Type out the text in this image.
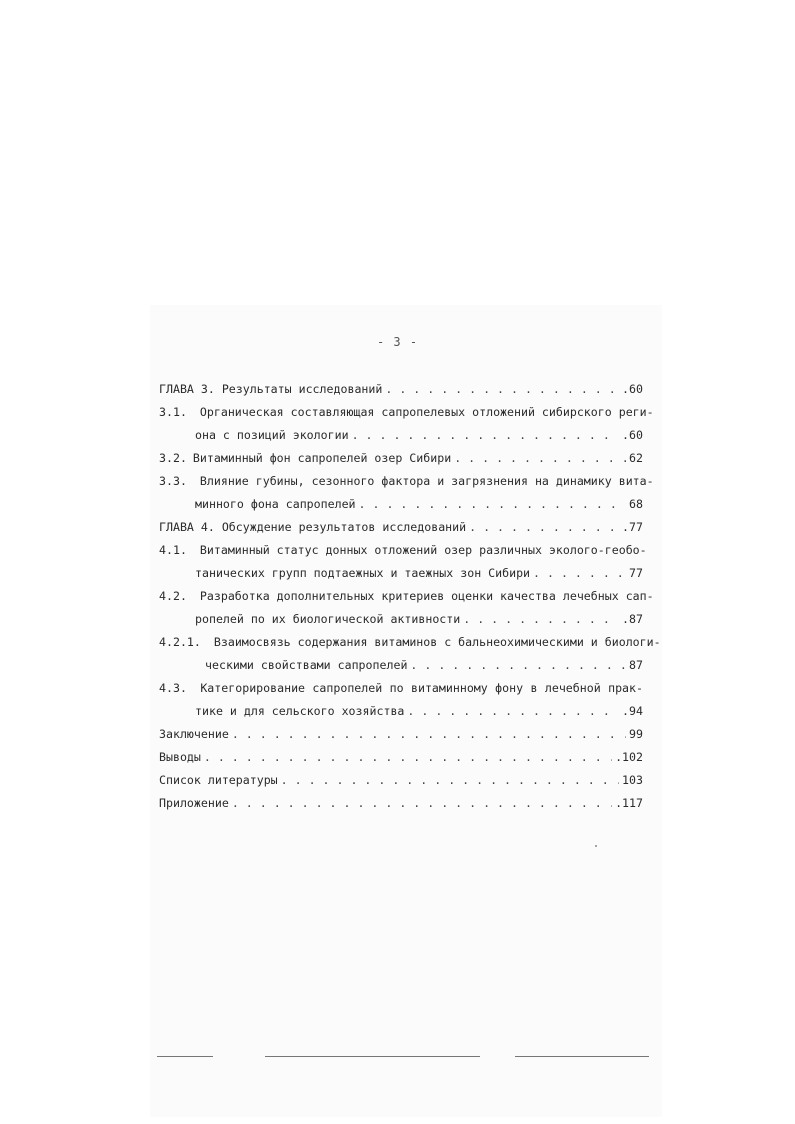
- 3 -
ГЛАВА 3. Результаты исследований . . .	.60
3.1. Органическая составляющая сапропелевых отложений сибирского реги-
она с позиций экологии . . .	.60
3.2. Витаминный фон сапропелей озер Сибири . . .	62
3.3. Влияние губины, сезонного фактора и загрязнения на динамику вита-
минного фона сапропелей . . .	68
ГЛАВА 4. Обсуждение результатов исследований . . .	.77
4.1. Витаминный статус донных отложений озер различных эколого-геобо-
танических групп подтаежных и таежных зон Сибири . . .	77
4.2. Разработка дополнительных критериев оценки качества лечебных сап-
ропелей по их биологической активности . . .	.87
4.2.1. Взаимосвязь содержания витаминов с бальнеохимическими и биологи-
ческими свойствами сапропелей . . .	87
4.3. Категорирование сапропелей по витаминному фону в лечебной прак-
тике и для сельского хозяйства . . .	.94
Заключение . . .	99
Выводы . . .	.102
Список литературы . . .	103
Приложение . . .	.117
